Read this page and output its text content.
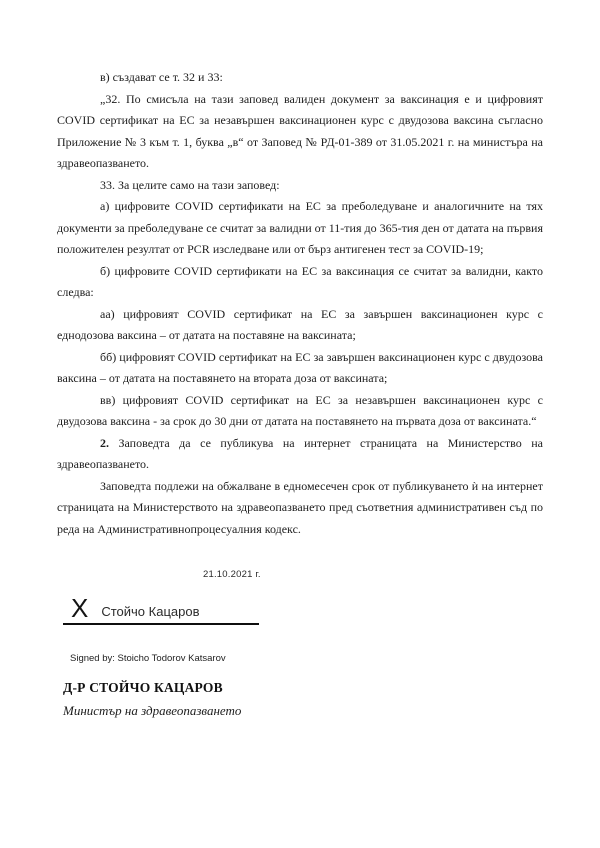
в) създават се т. 32 и 33:

„32. По смисъла на тази заповед валиден документ за ваксинация е и цифровият COVID сертификат на ЕС за незавършен ваксинационен курс с двудозова ваксина съгласно Приложение № 3 към т. 1, буква „в“ от Заповед № РД-01-389 от 31.05.2021 г. на министъра на здравеопазването.

33. За целите само на тази заповед:

а) цифровите COVID сертификати на ЕС за преболедуване и аналогичните на тях документи за преболедуване се считат за валидни от 11-тия до 365-тия ден от датата на първия положителен резултат от PCR изследване или от бърз антигенен тест за COVID-19;

б) цифровите COVID сертификати на ЕС за ваксинация се считат за валидни, както следва:

аа) цифровият COVID сертификат на ЕС за завършен ваксинационен курс с еднодозова ваксина – от датата на поставяне на ваксината;

бб) цифровият COVID сертификат на ЕС за завършен ваксинационен курс с двудозова ваксина – от датата на поставянето на втората доза от ваксината;

вв) цифровият COVID сертификат на ЕС за незавършен ваксинационен курс с двудозова ваксина - за срок до 30 дни от датата на поставянето на първата доза от ваксината.“

2. Заповедта да се публикува на интернет страницата на Министерство на здравеопазването.

Заповедта подлежи на обжалване в едномесечен срок от публикуването ѝ на интернет страницата на Министерството на здравеопазването пред съответния административен съд по реда на Административнопроцесуалния кодекс.

21.10.2021 г.
X Стойчо Кацаров
Signed by: Stoicho Todorov Katsarov
Д-Р СТОЙЧО КАЦАРОВ
Министър на здравеопазването
